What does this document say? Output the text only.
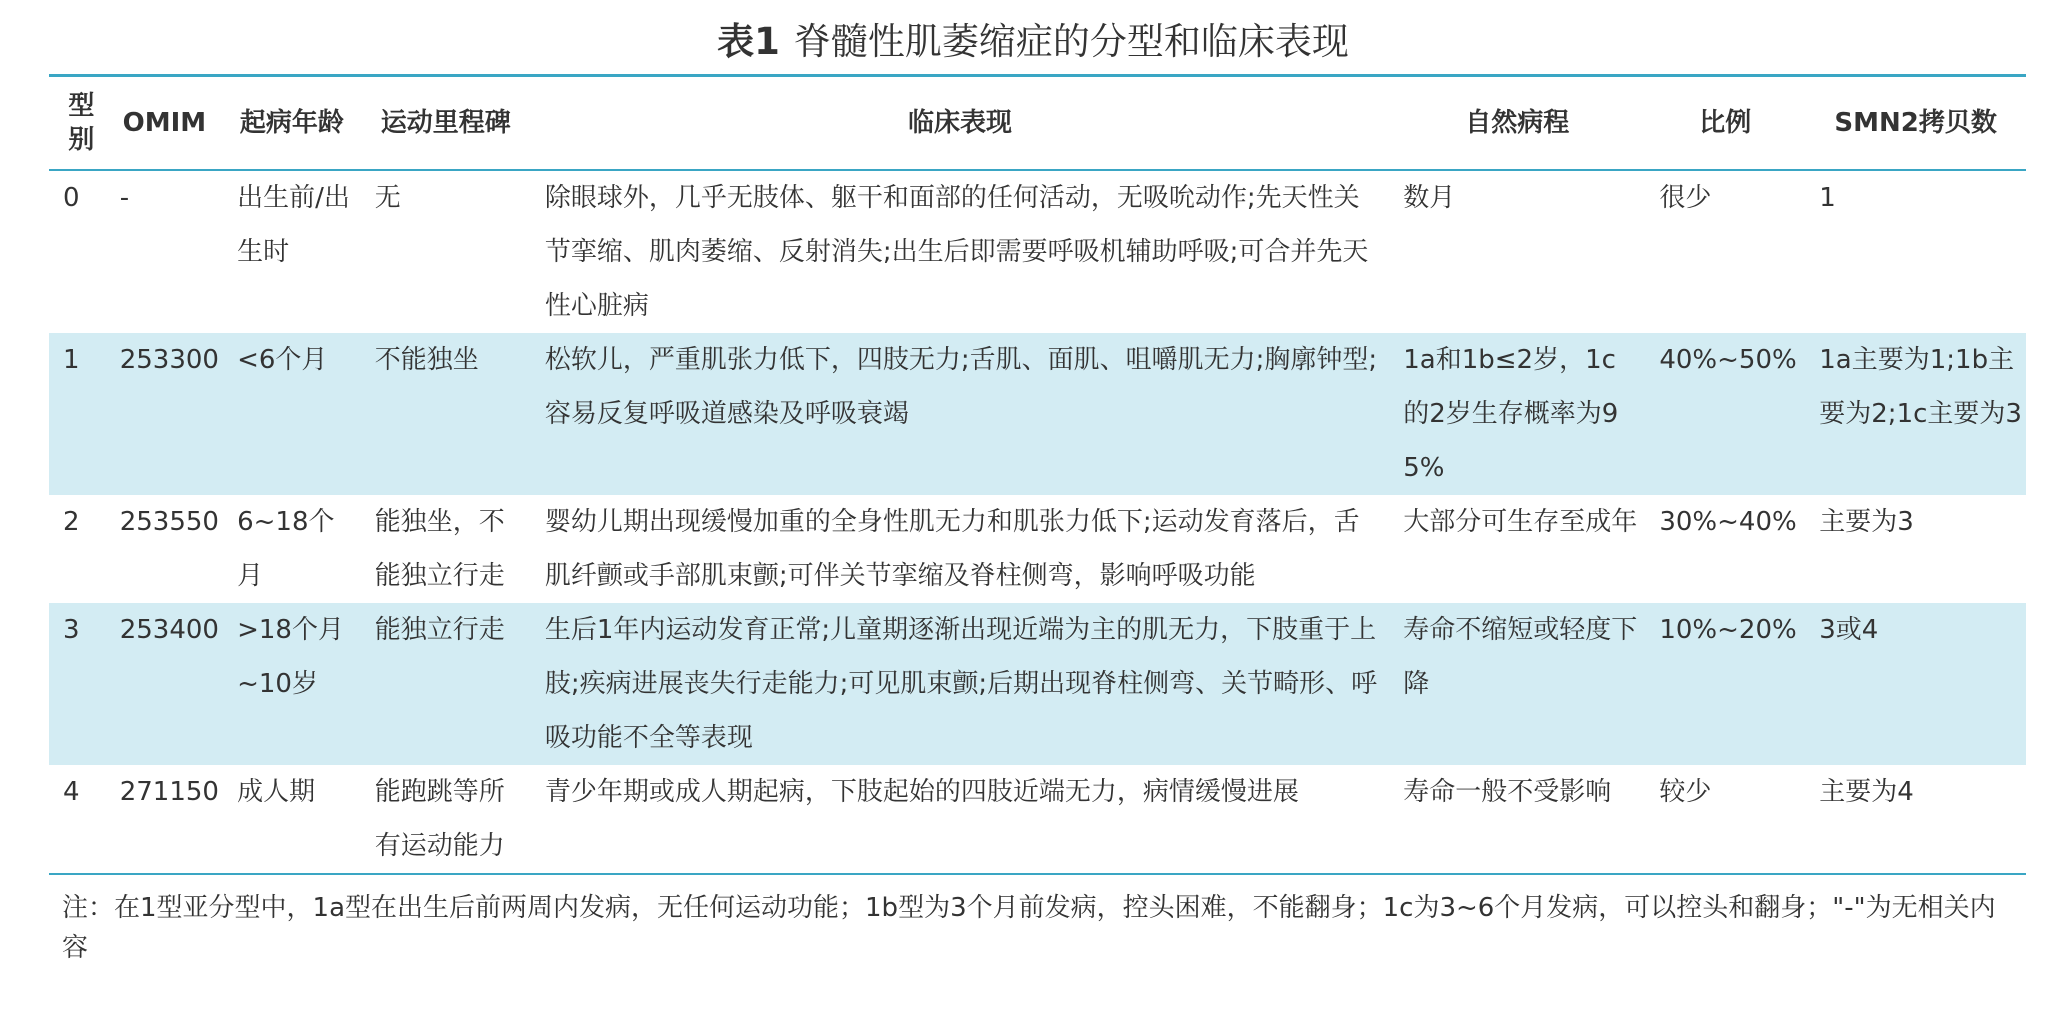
表1 脊髓性肌萎缩症的分型和临床表现
型别	OMIM	起病年龄	运动里程碑	临床表现	自然病程	比例	SMN2拷贝数
0	-	出生前/出生时	无	除眼球外，几乎无肢体、躯干和面部的任何活动，无吸吮动作;先天性关节挛缩、肌肉萎缩、反射消失;出生后即需要呼吸机辅助呼吸;可合并先天性心脏病	数月	很少	1
1	253300	<6个月	不能独坐	松软儿，严重肌张力低下，四肢无力;舌肌、面肌、咀嚼肌无力;胸廓钟型;容易反复呼吸道感染及呼吸衰竭	1a和1b≤2岁，1c的2岁生存概率为95%	40%~50%	1a主要为1;1b主要为2;1c主要为3
2	253550	6~18个月	能独坐，不能独立行走	婴幼儿期出现缓慢加重的全身性肌无力和肌张力低下;运动发育落后，舌肌纤颤或手部肌束颤;可伴关节挛缩及脊柱侧弯，影响呼吸功能	大部分可生存至成年	30%~40%	主要为3
3	253400	>18个月~10岁	能独立行走	生后1年内运动发育正常;儿童期逐渐出现近端为主的肌无力，下肢重于上肢;疾病进展丧失行走能力;可见肌束颤;后期出现脊柱侧弯、关节畸形、呼吸功能不全等表现	寿命不缩短或轻度下降	10%~20%	3或4
4	271150	成人期	能跑跳等所有运动能力	青少年期或成人期起病，下肢起始的四肢近端无力，病情缓慢进展	寿命一般不受影响	较少	主要为4
注：在1型亚分型中，1a型在出生后前两周内发病，无任何运动功能；1b型为3个月前发病，控头困难，不能翻身；1c为3~6个月发病，可以控头和翻身；"-"为无相关内容
